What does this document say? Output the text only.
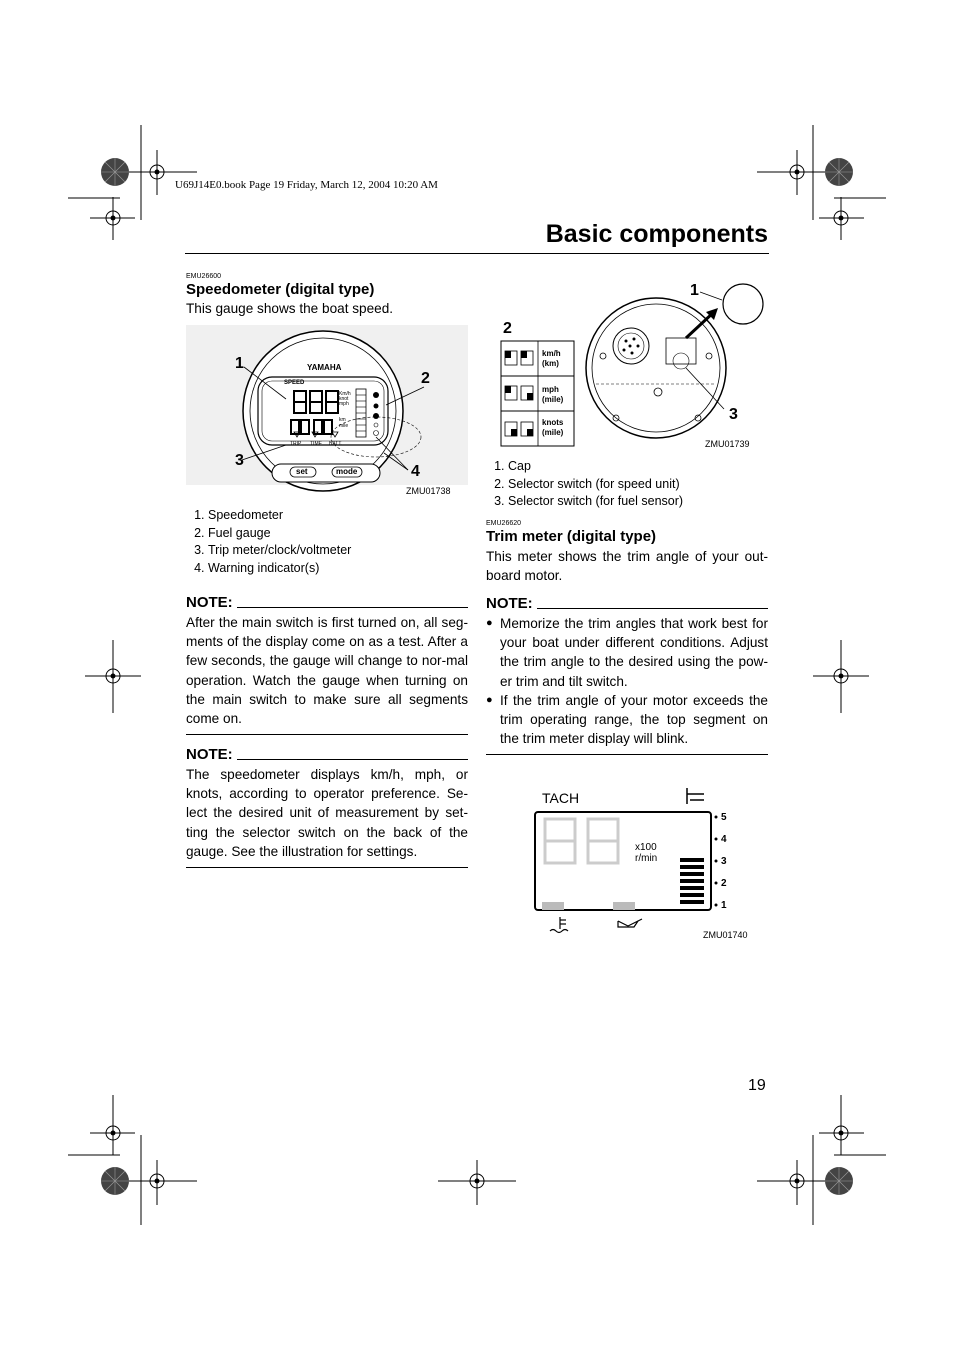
U69J14E0.book Page 19 Friday, March 12, 2004 10:20 AM
Basic components
EMU26600
Speedometer (digital type)
This gauge shows the boat speed.
1
2
3
4
YAMAHA
SPEED
Km/h
knot
mph
km
mile
TRIP TIME BATT.
set	mode
ZMU01738
1. Speedometer
2. Fuel gauge
3. Trip meter/clock/voltmeter
4. Warning indicator(s)
NOTE:
After the main switch is first turned on, all seg-ments of the display come on as a test. After a few seconds, the gauge will change to nor-mal operation. Watch the gauge when turning on the main switch to make sure all segments come on.
NOTE:
The speedometer displays km/h, mph, or knots, according to operator preference. Se-lect the desired unit of measurement by set-ting the selector switch on the back of the gauge. See the illustration for settings.
1
2
3
km/h
(km)
mph
(mile)
knots
(mile)
ZMU01739
1. Cap
2. Selector switch (for speed unit)
3. Selector switch (for fuel sensor)
EMU26620
Trim meter (digital type)
This meter shows the trim angle of your out-board motor.
NOTE:
● Memorize the trim angles that work best for your boat under different conditions. Adjust the trim angle to the desired using the pow-er trim and tilt switch.
● If the trim angle of your motor exceeds the trim operating range, the top segment on the trim meter display will blink.
TACH
x100
r/min
5
4
3
2
1
ZMU01740
19
